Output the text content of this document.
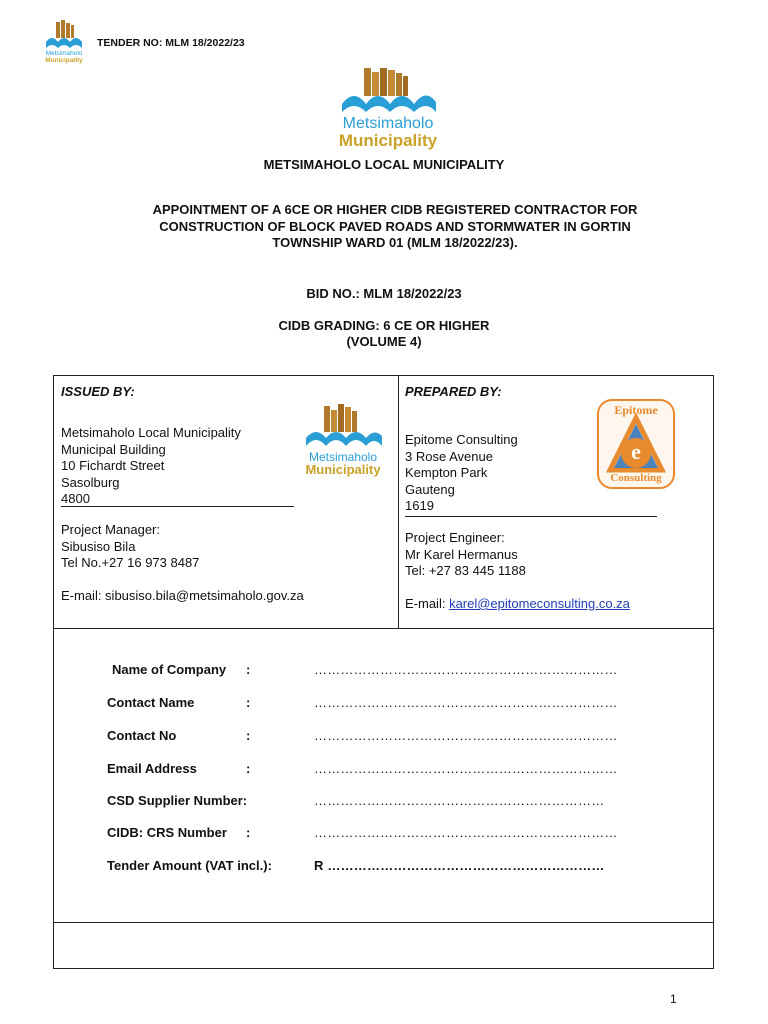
Metsimaholo
Municipality
TENDER NO: MLM 18/2022/23
Metsimaholo
Municipality
METSIMAHOLO LOCAL MUNICIPALITY
APPOINTMENT OF A 6CE OR HIGHER CIDB REGISTERED CONTRACTOR FOR
CONSTRUCTION OF BLOCK PAVED ROADS AND STORMWATER IN GORTIN
TOWNSHIP WARD 01 (MLM 18/2022/23).
BID NO.: MLM 18/2022/23
CIDB GRADING: 6 CE OR HIGHER
(VOLUME 4)
ISSUED BY:
Metsimaholo Local Municipality
Municipal Building
10 Fichardt Street
Sasolburg
4800
Project Manager:
Sibusiso Bila
Tel No.+27 16 973 8487
E-mail: sibusiso.bila@metsimaholo.gov.za
Metsimaholo
Municipality
PREPARED BY:
Epitome Consulting
3 Rose Avenue
Kempton Park
Gauteng
1619
Project Engineer:
Mr Karel Hermanus
Tel: +27 83 445 1188
E-mail: karel@epitomeconsulting.co.za
Epitome
e
Consulting
Name of Company :	……………………………………………………………
Contact Name	:	……………………………………………………………
Contact No	:	……………………………………………………………
Email Address	:	……………………………………………………………
CSD Supplier Number:	…………………………………………………………
CIDB: CRS Number :	……………………………………………………………
Tender Amount (VAT incl.):	R ………………………………………………………
1
